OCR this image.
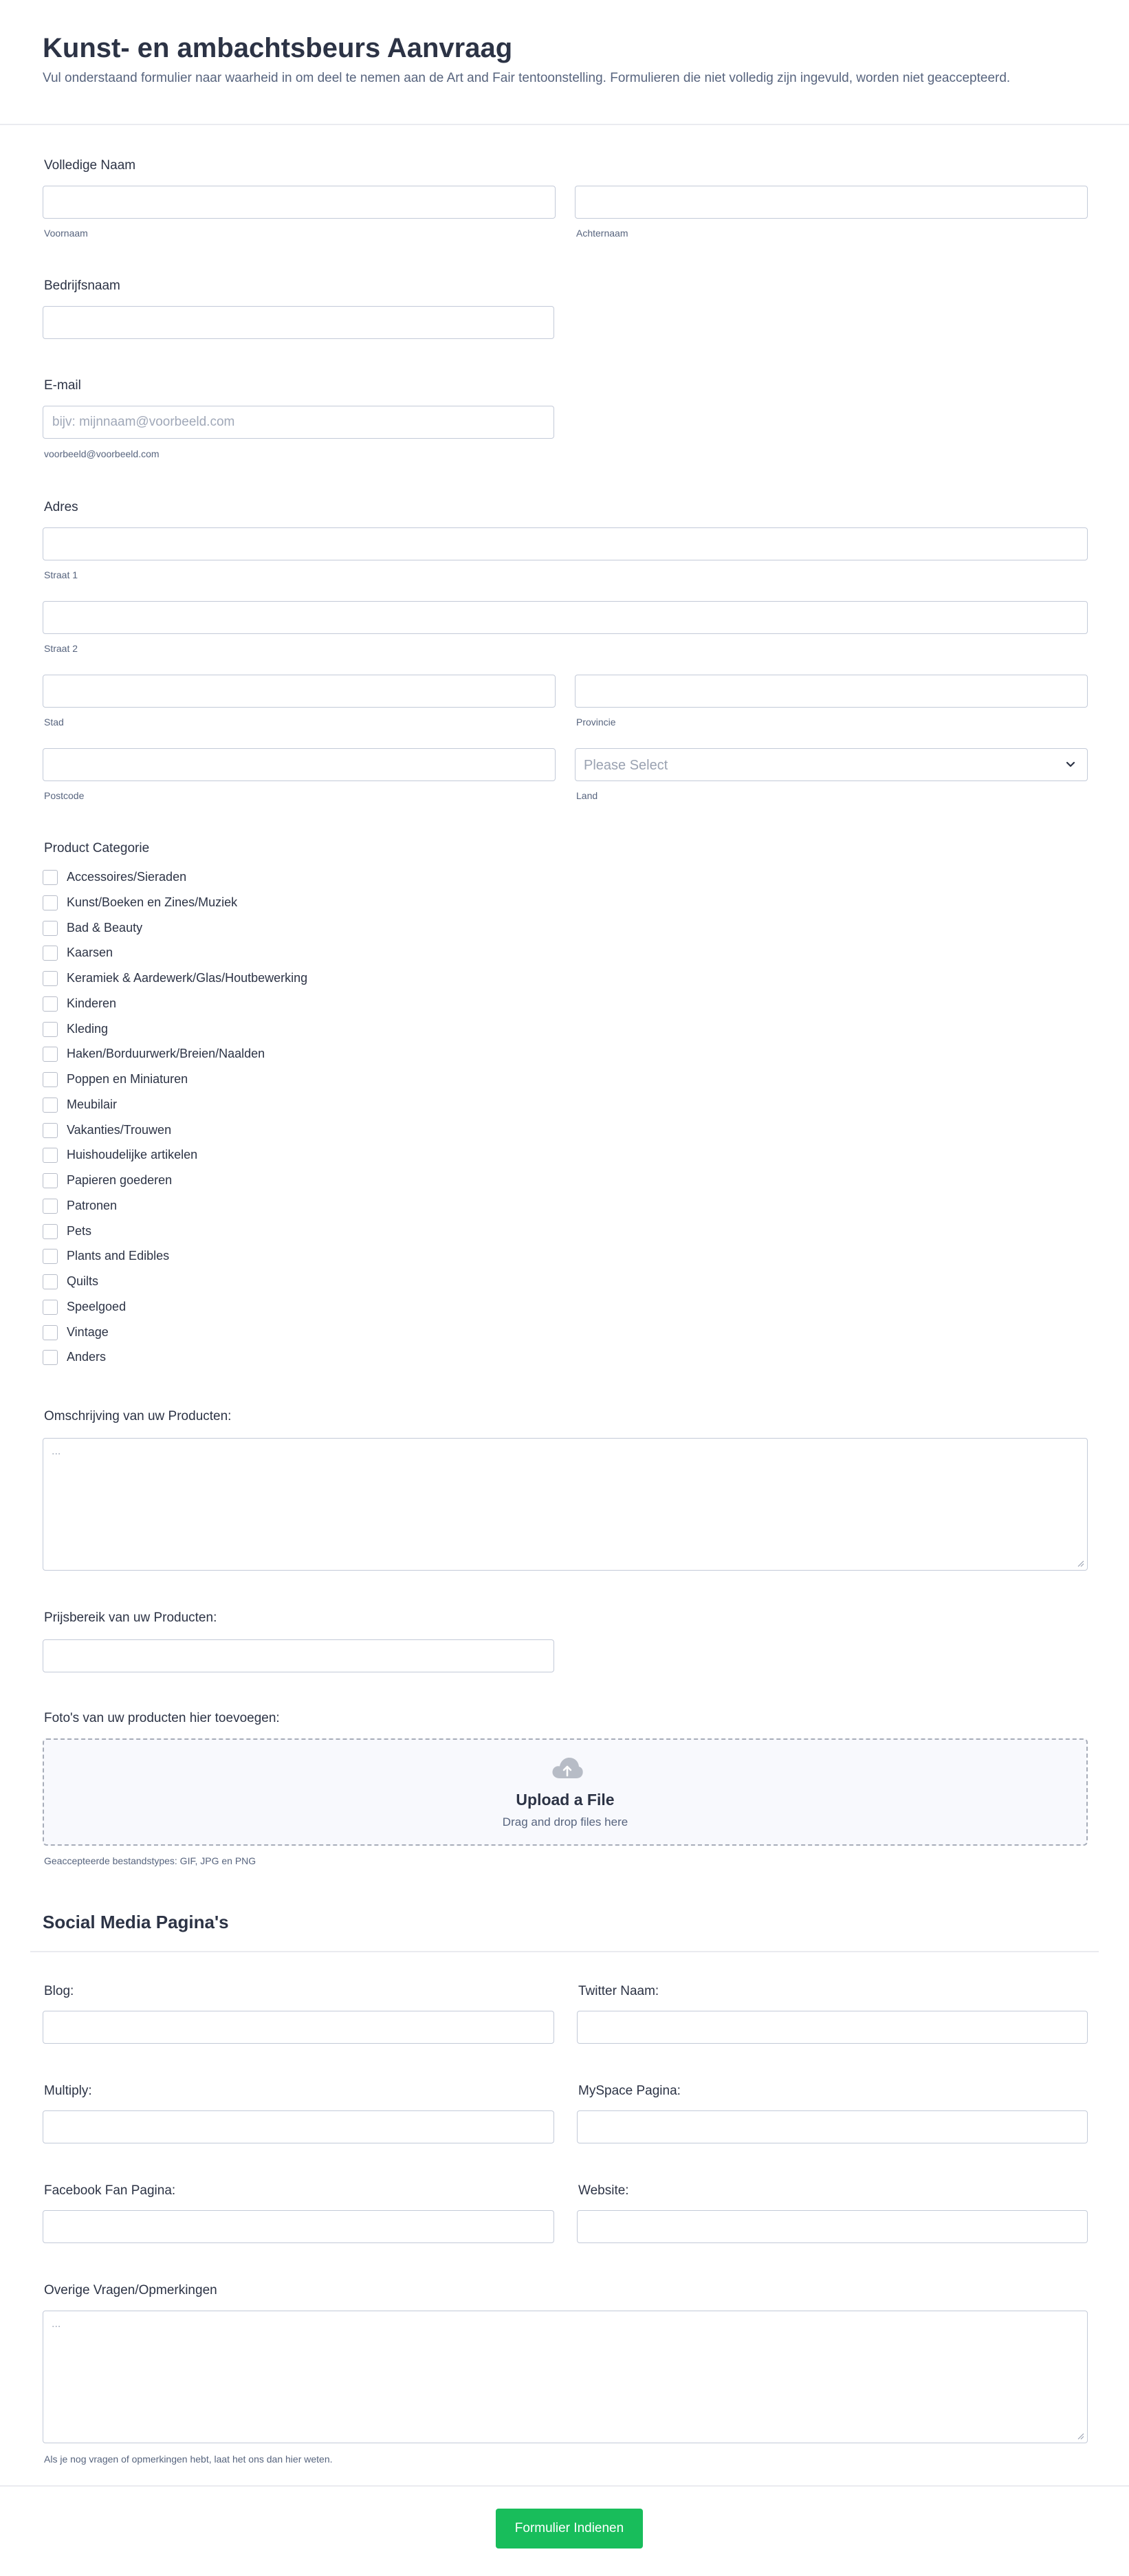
Kunst- en ambachtsbeurs Aanvraag
Vul onderstaand formulier naar waarheid in om deel te nemen aan de Art and Fair tentoonstelling. Formulieren die niet volledig zijn ingevuld, worden niet geaccepteerd.
Volledige Naam
Voornaam	Achternaam
Bedrijfsnaam
E-mail
bijv: mijnnaam@voorbeeld.com
voorbeeld@voorbeeld.com
Adres
Straat 1
Straat 2
Stad	Provincie
Please Select
Postcode	Land
Product Categorie
Accessoires/Sieraden
Kunst/Boeken en Zines/Muziek
Bad & Beauty
Kaarsen
Keramiek & Aardewerk/Glas/Houtbewerking
Kinderen
Kleding
Haken/Borduurwerk/Breien/Naalden
Poppen en Miniaturen
Meubilair
Vakanties/Trouwen
Huishoudelijke artikelen
Papieren goederen
Patronen
Pets
Plants and Edibles
Quilts
Speelgoed
Vintage
Anders
Omschrijving van uw Producten:
...
Prijsbereik van uw Producten:
Foto's van uw producten hier toevoegen:
Upload a File
Drag and drop files here
Geaccepteerde bestandstypes: GIF, JPG en PNG
Social Media Pagina's
Blog:	Twitter Naam:
Multiply:	MySpace Pagina:
Facebook Fan Pagina:	Website:
Overige Vragen/Opmerkingen
...
Als je nog vragen of opmerkingen hebt, laat het ons dan hier weten.
Formulier Indienen
